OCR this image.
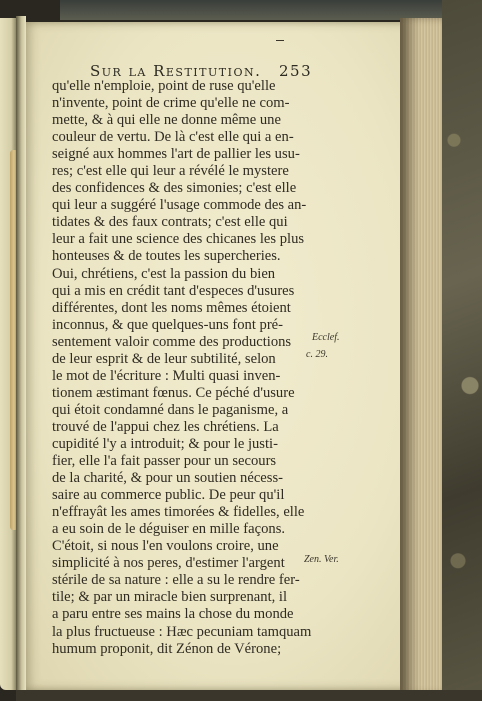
Sur la Restitution. 253
qu'elle n'emploie, point de ruse qu'elle
n'invente, point de crime qu'elle ne com-
mette, & à qui elle ne donne même une
couleur de vertu. De là c'est elle qui a en-
seigné aux hommes l'art de pallier les usu-
res; c'est elle qui leur a révélé le mystere
des confidences & des simonies; c'est elle
qui leur a suggéré l'usage commode des an-
tidates & des faux contrats; c'est elle qui
leur a fait une science des chicanes les plus
honteuses & de toutes les supercheries.
Oui, chrétiens, c'est la passion du bien
qui a mis en crédit tant d'especes d'usures
différentes, dont les noms mêmes étoient
inconnus, & que quelques-uns font pré-
sentement valoir comme des productions
de leur esprit & de leur subtilité, selon
le mot de l'écriture : Multi quasi inven-
tionem æstimant fœnus. Ce péché d'usure
qui étoit condamné dans le paganisme, a
trouvé de l'appui chez les chrétiens. La
cupidité l'y a introduit; & pour le justi-
fier, elle l'a fait passer pour un secours
de la charité, & pour un soutien nécess-
saire au commerce public. De peur qu'il
n'effrayât les ames timorées & fidelles, elle
a eu soin de le déguiser en mille façons.
C'étoit, si nous l'en voulons croire, une
simplicité à nos peres, d'estimer l'argent
stérile de sa nature : elle a su le rendre fer-
tile; & par un miracle bien surprenant, il
a paru entre ses mains la chose du monde
la plus fructueuse : Hæc pecuniam tamquam
humum proponit, dit Zénon de Vérone;
Ecclef.
c. 29.
Zen. Ver.
